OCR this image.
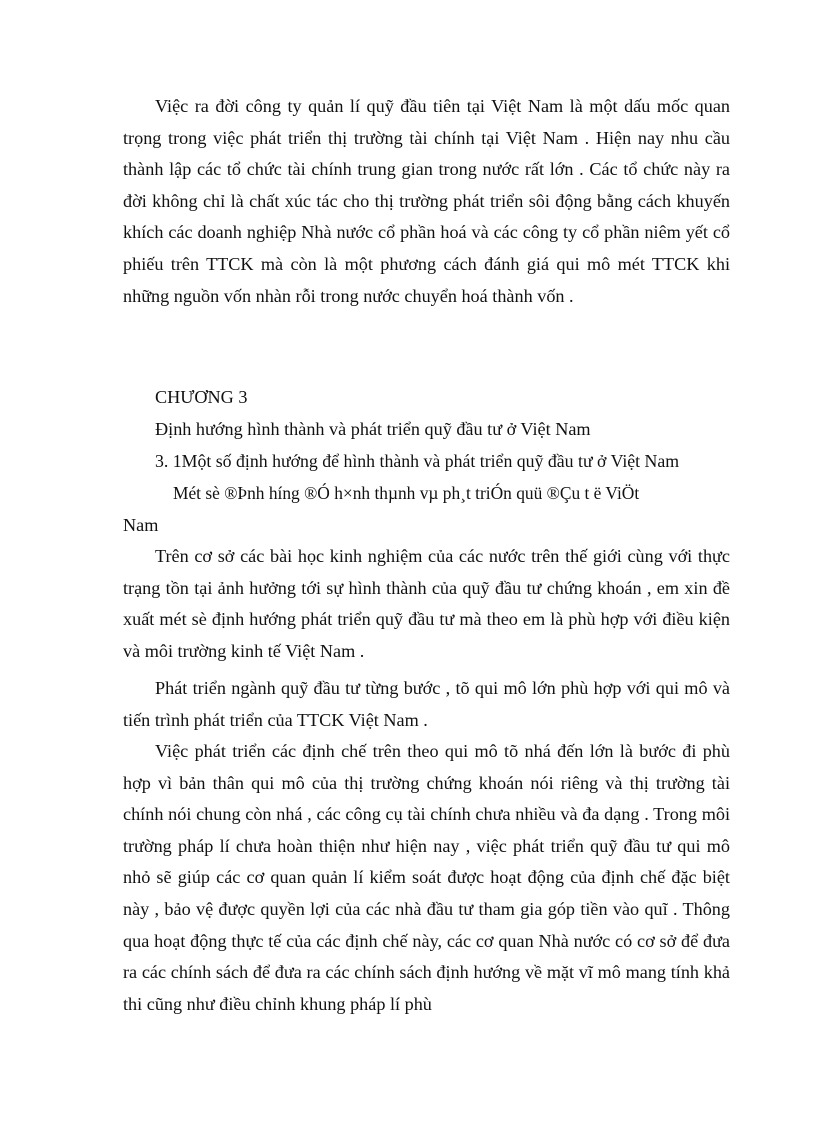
Việc ra đời công ty quản lí quỹ đầu tiên tại Việt Nam là một dấu mốc quan trọng trong việc phát triển thị trường tài chính tại Việt Nam . Hiện nay nhu cầu thành lập các tổ chức tài chính trung gian trong nước rất lớn . Các tổ chức này ra đời không chỉ là chất xúc tác cho thị trường phát triển sôi động bằng cách khuyến khích các doanh nghiệp Nhà nước cổ phần hoá và các công ty cổ phần niêm yết cổ phiếu trên TTCK mà còn là một phương cách đánh giá qui mô mét TTCK khi những nguồn vốn nhàn rỗi trong nước chuyển hoá thành vốn .

CHƯƠNG 3

Định hướng hình thành và phát triển quỹ đầu tư ở Việt Nam

3. 1Một số định hướng để hình thành và phát triển quỹ đầu tư ở Việt Nam

Mét sè ®Þnh híng ®Ó h×nh thµnh vµ ph¸t triÓn quü ®Çu t ë ViÖt

Nam

Trên cơ sở các bài học kinh nghiệm của các nước trên thế giới cùng với thực trạng tồn tại ảnh hưởng tới sự hình thành của quỹ đầu tư chứng khoán , em xin đề xuất mét sè định hướng phát triển quỹ đầu tư mà theo em là phù hợp với điều kiện và môi trường kinh tế Việt Nam .

Phát triển ngành quỹ đầu tư từng bước , tõ qui mô lớn phù hợp với qui mô và tiến trình phát triển của TTCK Việt Nam .

Việc phát triển các định chế trên theo qui mô tõ nhá đến lớn là bước đi phù hợp vì bản thân qui mô của thị trường chứng khoán nói riêng và thị trường tài chính nói chung còn nhá , các công cụ tài chính chưa nhiều và đa dạng . Trong môi trường pháp lí chưa hoàn thiện như hiện nay , việc phát triển quỹ đầu tư qui mô nhỏ sẽ giúp các cơ quan quản lí kiểm soát được hoạt động của định chế đặc biệt này , bảo vệ được quyền lợi của các nhà đầu tư tham gia góp tiền vào quĩ . Thông qua hoạt động thực tế của các định chế này, các cơ quan Nhà nước có cơ sở để đưa ra các chính sách để đưa ra các chính sách định hướng về mặt vĩ mô mang tính khả thi cũng như điều chỉnh khung pháp lí phù
